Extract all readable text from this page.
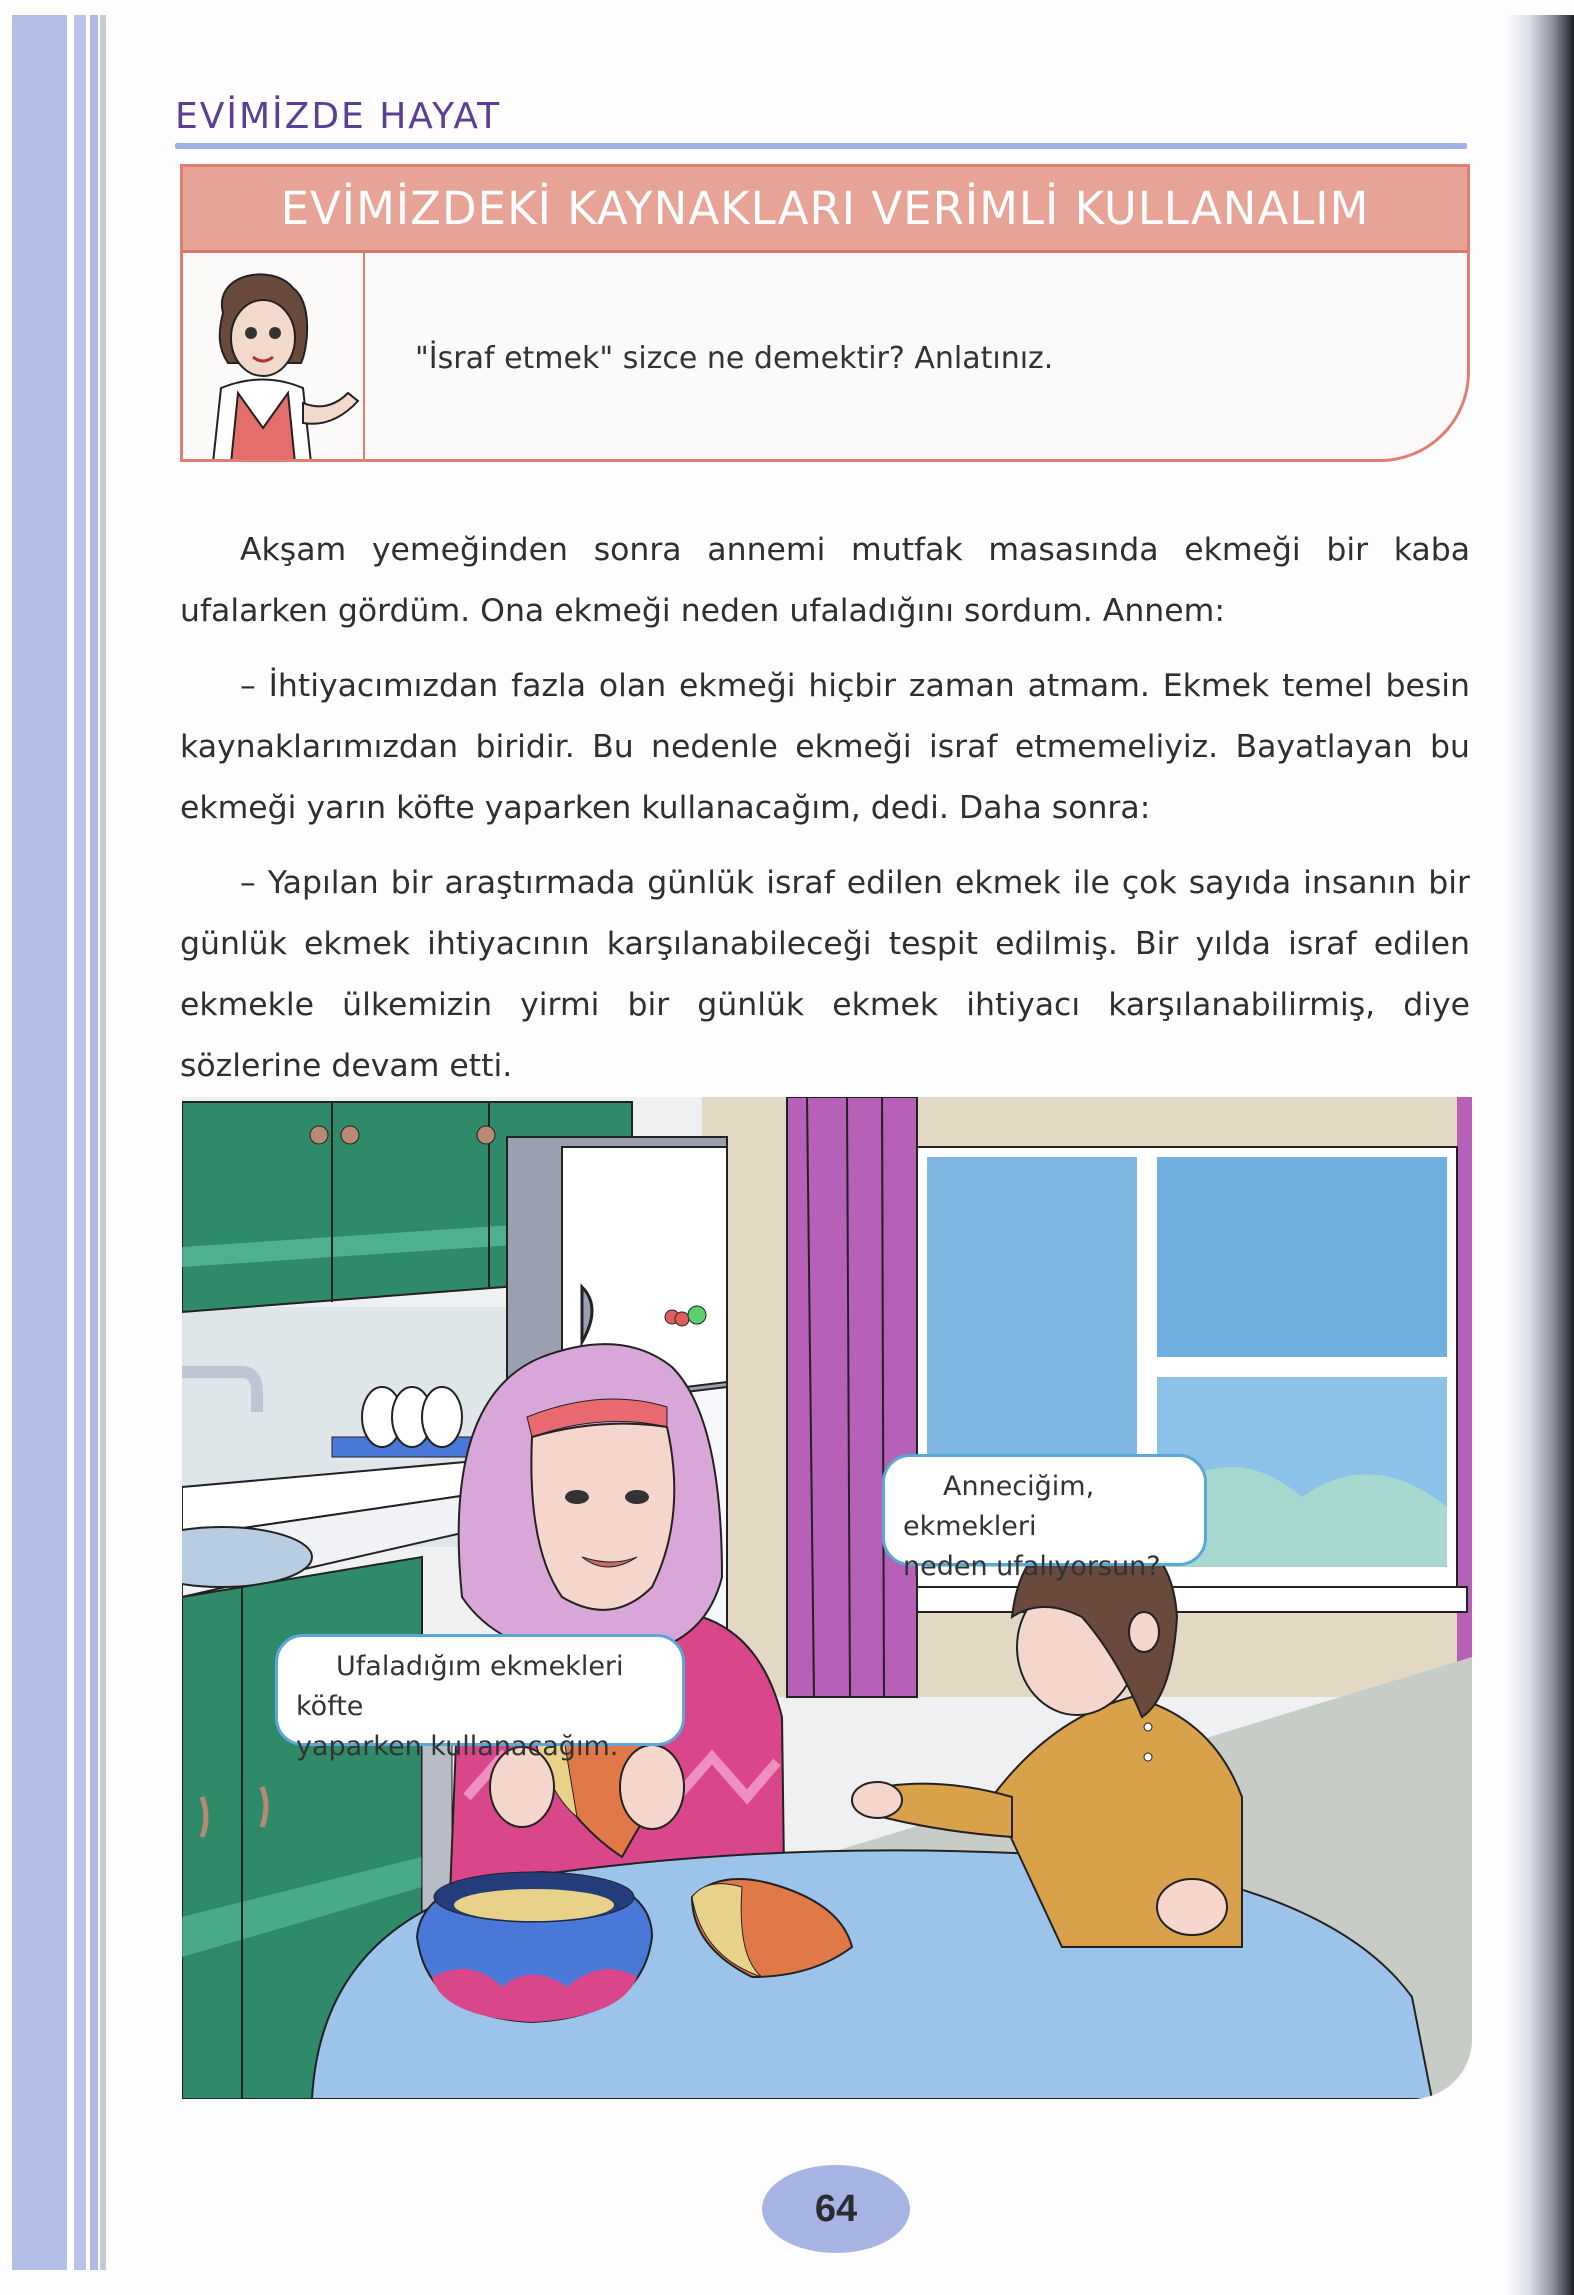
EVİMİZDE HAYAT
EVİMİZDEKİ KAYNAKLARI VERİMLİ KULLANALIM
"İsraf etmek" sizce ne demektir? Anlatınız.

Akşam yemeğinden sonra annemi mutfak masasında ekmeği bir kaba ufalarken gördüm. Ona ekmeği neden ufaladığını sordum. Annem:

– İhtiyacımızdan fazla olan ekmeği hiçbir zaman atmam. Ekmek temel besin kaynaklarımızdan biridir. Bu nedenle ekmeği israf etmemeliyiz. Bayatlayan bu ekmeği yarın köfte yaparken kullanacağım, dedi. Daha sonra:

– Yapılan bir araştırmada günlük israf edilen ekmek ile çok sayıda insanın bir günlük ekmek ihtiyacının karşılanabileceği tespit edilmiş. Bir yılda israf edilen ekmekle ülkemizin yirmi bir günlük ekmek ihtiyacı karşılanabilirmiş, diye sözlerine devam etti.

Anneciğim, ekmekleri
neden ufalıyorsun?
Ufaladığım ekmekleri köfte
yaparken kullanacağım.
64
